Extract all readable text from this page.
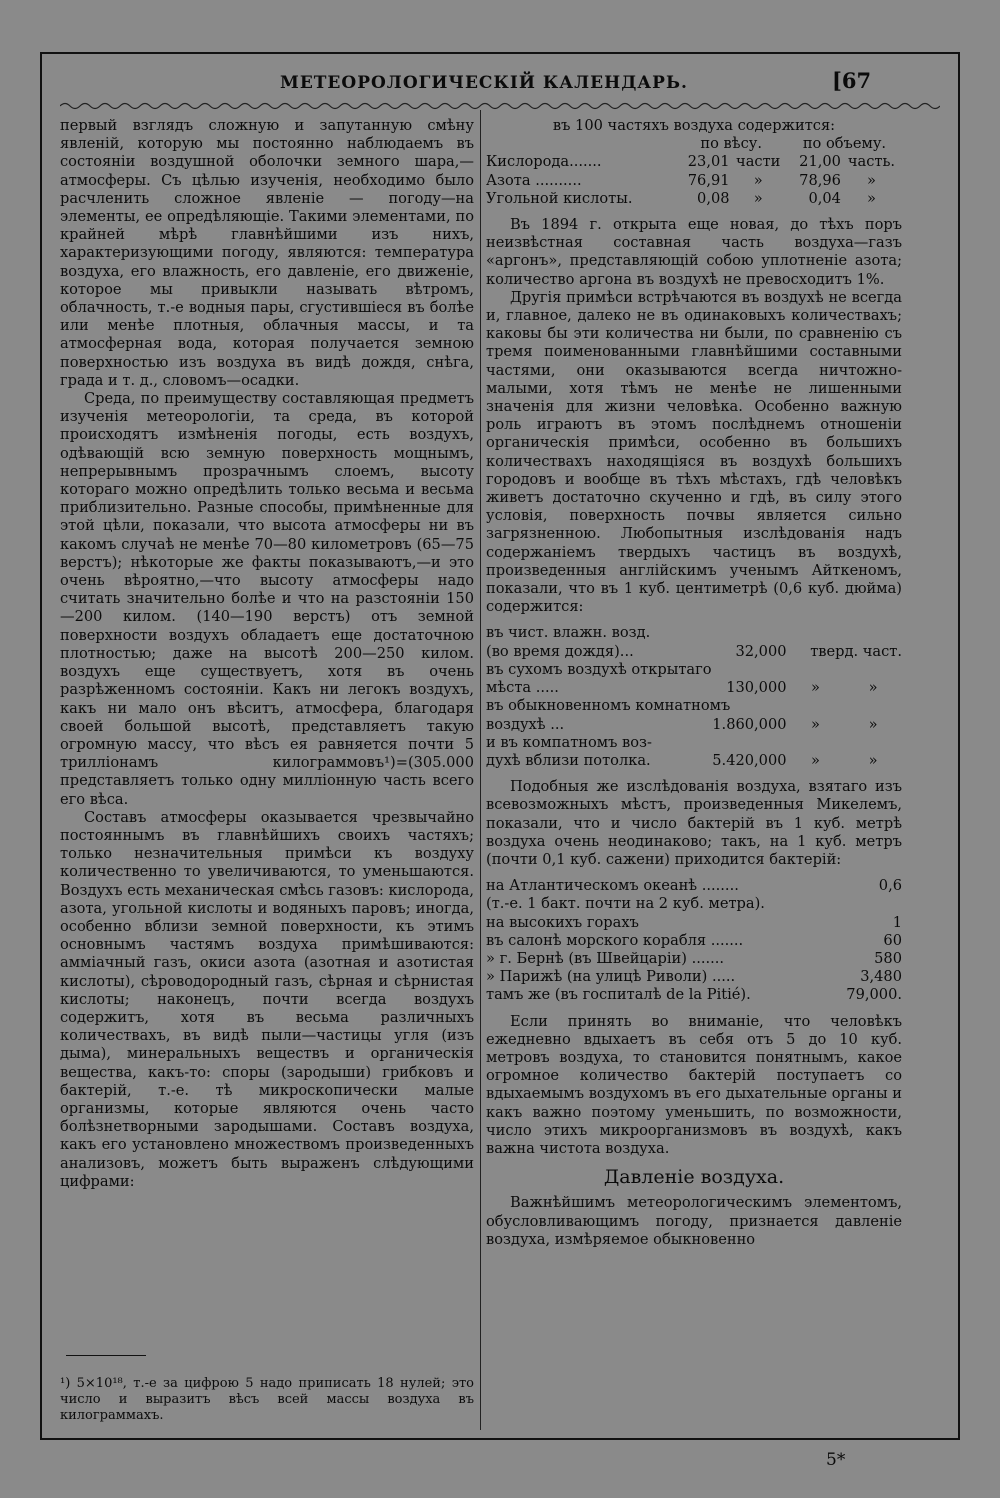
МЕТЕОРОЛОГИЧЕСКІЙ КАЛЕНДАРЬ.	[67

первый взглядъ сложную и запутанную смѣну явленій, которую мы постоянно наблюдаемъ въ состояніи воздушной оболочки земного шара,—атмосферы. Съ цѣлью изученія, необходимо было расчленить сложное явленіе — погоду—на элементы, ее опредѣляющіе. Такими элементами, по крайней мѣрѣ главнѣйшими изъ нихъ, характеризующими погоду, являются: температура воздуха, его влажность, его давленіе, его движеніе, которое мы привыкли называть вѣтромъ, облачность, т.-е водныя пары, сгустившіеся въ болѣе или менѣе плотныя, облачныя массы, и та атмосферная вода, которая получается земною поверхностью изъ воздуха въ видѣ дождя, снѣга, града и т. д., словомъ—осадки.

Среда, по преимуществу составляющая предметъ изученія метеорологіи, та среда, въ которой происходятъ измѣненія погоды, есть воздухъ, одѣвающій всю земную поверхность мощнымъ, непрерывнымъ прозрачнымъ слоемъ, высоту котораго можно опредѣлить только весьма и весьма приблизительно. Разные способы, примѣненные для этой цѣли, показали, что высота атмосферы ни въ какомъ случаѣ не менѣе 70—80 километровъ (65—75 верстъ); нѣкоторые же факты показываютъ,—и это очень вѣроятно,—что высоту атмосферы надо считать значительно болѣе и что на разстояніи 150—200 килом. (140—190 верстъ) отъ земной поверхности воздухъ обладаетъ еще достаточною плотностью; даже на высотѣ 200—250 килом. воздухъ еще существуетъ, хотя въ очень разрѣженномъ состояніи. Какъ ни легокъ воздухъ, какъ ни мало онъ вѣситъ, атмосфера, благодаря своей большой высотѣ, представляетъ такую огромную массу, что вѣсъ ея равняется почти 5 трилліонамъ килограммовъ¹)=(305.000 представляетъ только одну милліонную часть всего его вѣса.

Составъ атмосферы оказывается чрезвычайно постояннымъ въ главнѣйшихъ своихъ частяхъ; только незначительныя примѣси къ воздуху количественно то увеличиваются, то уменьшаются. Воздухъ есть механическая смѣсь газовъ: кислорода, азота, угольной кислоты и водяныхъ паровъ; иногда, особенно вблизи земной поверхности, къ этимъ основнымъ частямъ воздуха примѣшиваются: аммiачный газъ, окиси азота (азотная и азотистая кислоты), сѣроводородный газъ, сѣрная и сѣрнистая кислоты; наконецъ, почти всегда воздухъ содержитъ, хотя въ весьма различныхъ количествахъ, въ видѣ пыли—частицы угля (изъ дыма), минеральныхъ веществъ и органическія вещества, какъ-то: споры (зародыши) грибковъ и бактерій, т.-е. тѣ микроскопически малые организмы, которые являются очень часто болѣзнетворными зародышами. Составъ воздуха, какъ его установлено множествомъ произведенныхъ анализовъ, можетъ быть выраженъ слѣдующими цифрами:

¹) 5×10¹⁸, т.-е за цифрою 5 надо приписать 18 нулей; это число и выразитъ вѣсъ всей массы воздуха въ килограммахъ.
въ 100 частяхъ воздуха содержится:
	по вѣсу.		по объему.	
Кислорода.......	23,01	части	21,00	часть.
Азота ..........	76,91	»	78,96	»
Угольной кислоты.	0,08	»	0,04	»

Въ 1894 г. открыта еще новая, до тѣхъ поръ неизвѣстная составная часть воздуха—газъ «аргонъ», представляющій собою уплотненіе азота; количество аргона въ воздухѣ не превосходитъ 1%.

Другія примѣси встрѣчаются въ воздухѣ не всегда и, главное, далеко не въ одинаковыхъ количествахъ; каковы бы эти количества ни были, по сравненію съ тремя поименованными главнѣйшими составными частями, они оказываются всегда ничтожно-малыми, хотя тѣмъ не менѣе не лишенными значенія для жизни человѣка. Особенно важную роль играютъ въ этомъ послѣднемъ отношеніи органическія примѣси, особенно въ большихъ количествахъ находящіяся въ воздухѣ большихъ городовъ и вообще въ тѣхъ мѣстахъ, гдѣ человѣкъ живетъ достаточно скученно и гдѣ, въ силу этого условія, поверхность почвы является сильно загрязненною. Любопытныя изслѣдованія надъ содержаніемъ твердыхъ частицъ въ воздухѣ, произведенныя англійскимъ ученымъ Айткеномъ, показали, что въ 1 куб. центиметрѣ (0,6 куб. дюйма) содержится:

въ чист. влажн. возд.			
(во время дождя)...	32,000	тверд. част.	
въ сухомъ воздухѣ открытаго			
мѣста .....	130,000	»	»
въ обыкновенномъ комнатномъ			
воздухѣ ...	1.860,000	»	»
и въ компатномъ воз-			
духѣ вблизи потолка.	5.420,000	»	»

Подобныя же изслѣдованія воздуха, взятаго изъ всевозможныхъ мѣстъ, произведенныя Микелемъ, показали, что и число бактерій въ 1 куб. метрѣ воздуха очень неодинаково; такъ, на 1 куб. метръ (почти 0,1 куб. сажени) приходится бактерій:

на Атлантическомъ океанѣ ........	0,6
(т.-е. 1 бакт. почти на 2 куб. метра).	
на высокихъ горахъ	1
въ салонѣ морского корабля .......	60
» г. Бернѣ (въ Швейцаріи) .......	580
» Парижѣ (на улицѣ Риволи) .....	3,480
тамъ же (въ госпиталѣ de la Pitié).	79,000.

Если принять во вниманіе, что человѣкъ ежедневно вдыхаетъ въ себя отъ 5 до 10 куб. метровъ воздуха, то становится понятнымъ, какое огромное количество бактерій поступаетъ со вдыхаемымъ воздухомъ въ его дыхательные органы и какъ важно поэтому уменьшить, по возможности, число этихъ микроорганизмовъ въ воздухѣ, какъ важна чистота воздуха.

Давленіе воздуха.

Важнѣйшимъ метеорологическимъ элементомъ, обусловливающимъ погоду, признается давленіе воздуха, измѣряемое обыкновенно

5*
